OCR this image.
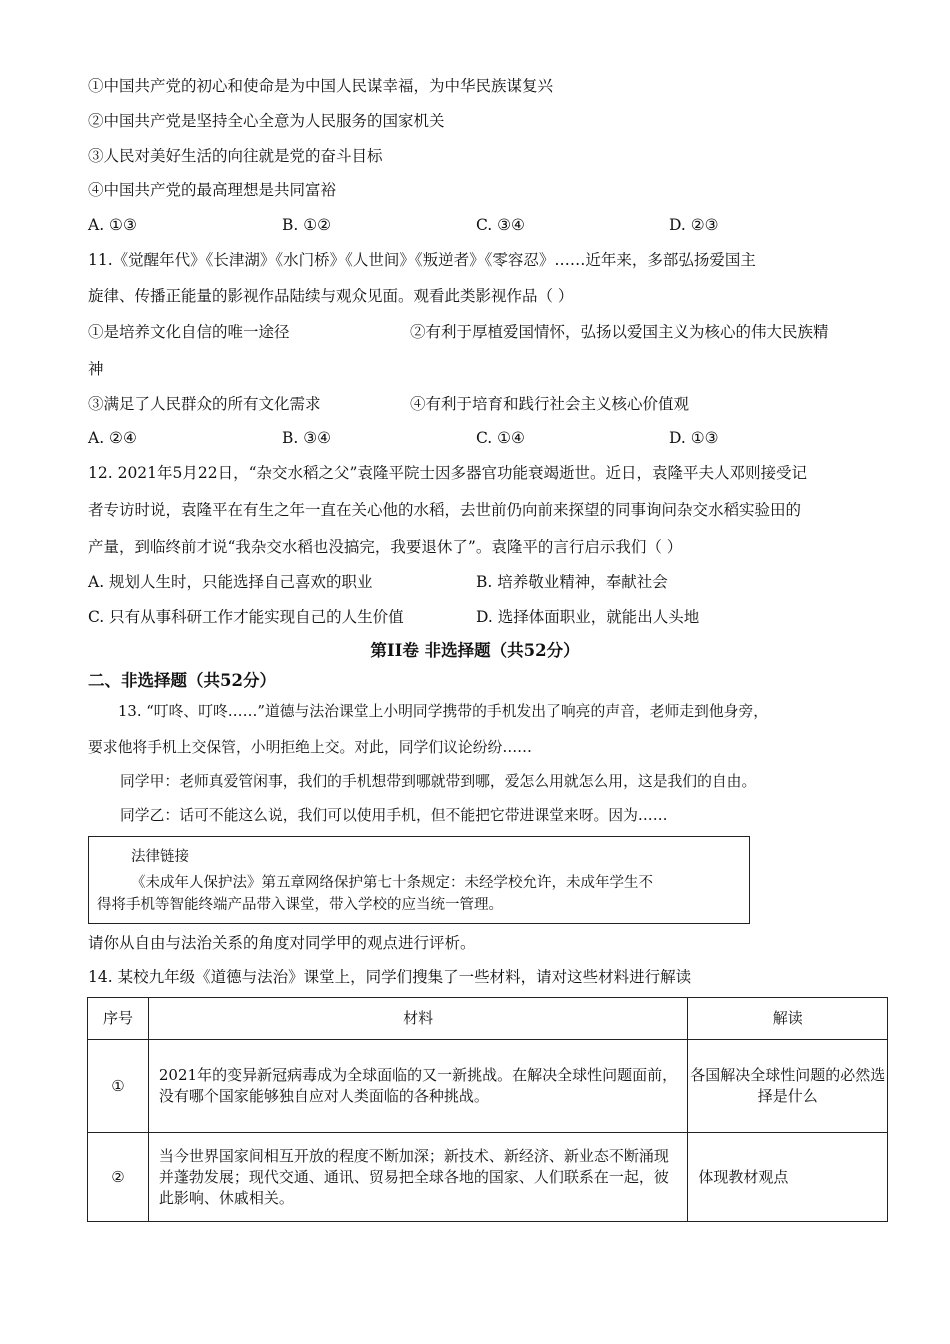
①中国共产党的初心和使命是为中国人民谋幸福，为中华民族谋复兴
②中国共产党是坚持全心全意为人民服务的国家机关
③人民对美好生活的向往就是党的奋斗目标
④中国共产党的最高理想是共同富裕
A. ①③	B. ①②	C. ③④	D. ②③
11.《觉醒年代》《长津湖》《水门桥》《人世间》《叛逆者》《零容忍》……近年来，多部弘扬爱国主
旋律、传播正能量的影视作品陆续与观众见面。观看此类影视作品（ ）
①是培养文化自信的唯一途径	②有利于厚植爱国情怀，弘扬以爱国主义为核心的伟大民族精
神
③满足了人民群众的所有文化需求	④有利于培育和践行社会主义核心价值观
A. ②④	B. ③④	C. ①④	D. ①③
12. 2021年5月22日，“杂交水稻之父”袁隆平院士因多器官功能衰竭逝世。近日，袁隆平夫人邓则接受记
者专访时说，袁隆平在有生之年一直在关心他的水稻，去世前仍向前来探望的同事询问杂交水稻实验田的
产量，到临终前才说“我杂交水稻也没搞完，我要退休了”。袁隆平的言行启示我们（ ）
A. 规划人生时，只能选择自己喜欢的职业	B. 培养敬业精神，奉献社会
C. 只有从事科研工作才能实现自己的人生价值	D. 选择体面职业，就能出人头地
第II卷 非选择题（共52分）
二、非选择题（共52分）
13. “叮咚、叮咚……”道德与法治课堂上小明同学携带的手机发出了响亮的声音，老师走到他身旁，
要求他将手机上交保管，小明拒绝上交。对此，同学们议论纷纷……
同学甲：老师真爱管闲事，我们的手机想带到哪就带到哪，爱怎么用就怎么用，这是我们的自由。
同学乙：话可不能这么说，我们可以使用手机，但不能把它带进课堂来呀。因为……
法律链接
《未成年人保护法》第五章网络保护第七十条规定：未经学校允许，未成年学生不
得将手机等智能终端产品带入课堂，带入学校的应当统一管理。
请你从自由与法治关系的角度对同学甲的观点进行评析。
14. 某校九年级《道德与法治》课堂上，同学们搜集了一些材料，请对这些材料进行解读
序号	材料	解读
①	2021年的变异新冠病毒成为全球面临的又一新挑战。在解决全球性问题面前，没有哪个国家能够独自应对人类面临的各种挑战。	各国解决全球性问题的必然选择是什么
②	当今世界国家间相互开放的程度不断加深；新技术、新经济、新业态不断涌现并蓬勃发展；现代交通、通讯、贸易把全球各地的国家、人们联系在一起，彼此影响、休戚相关。	体现教材观点
